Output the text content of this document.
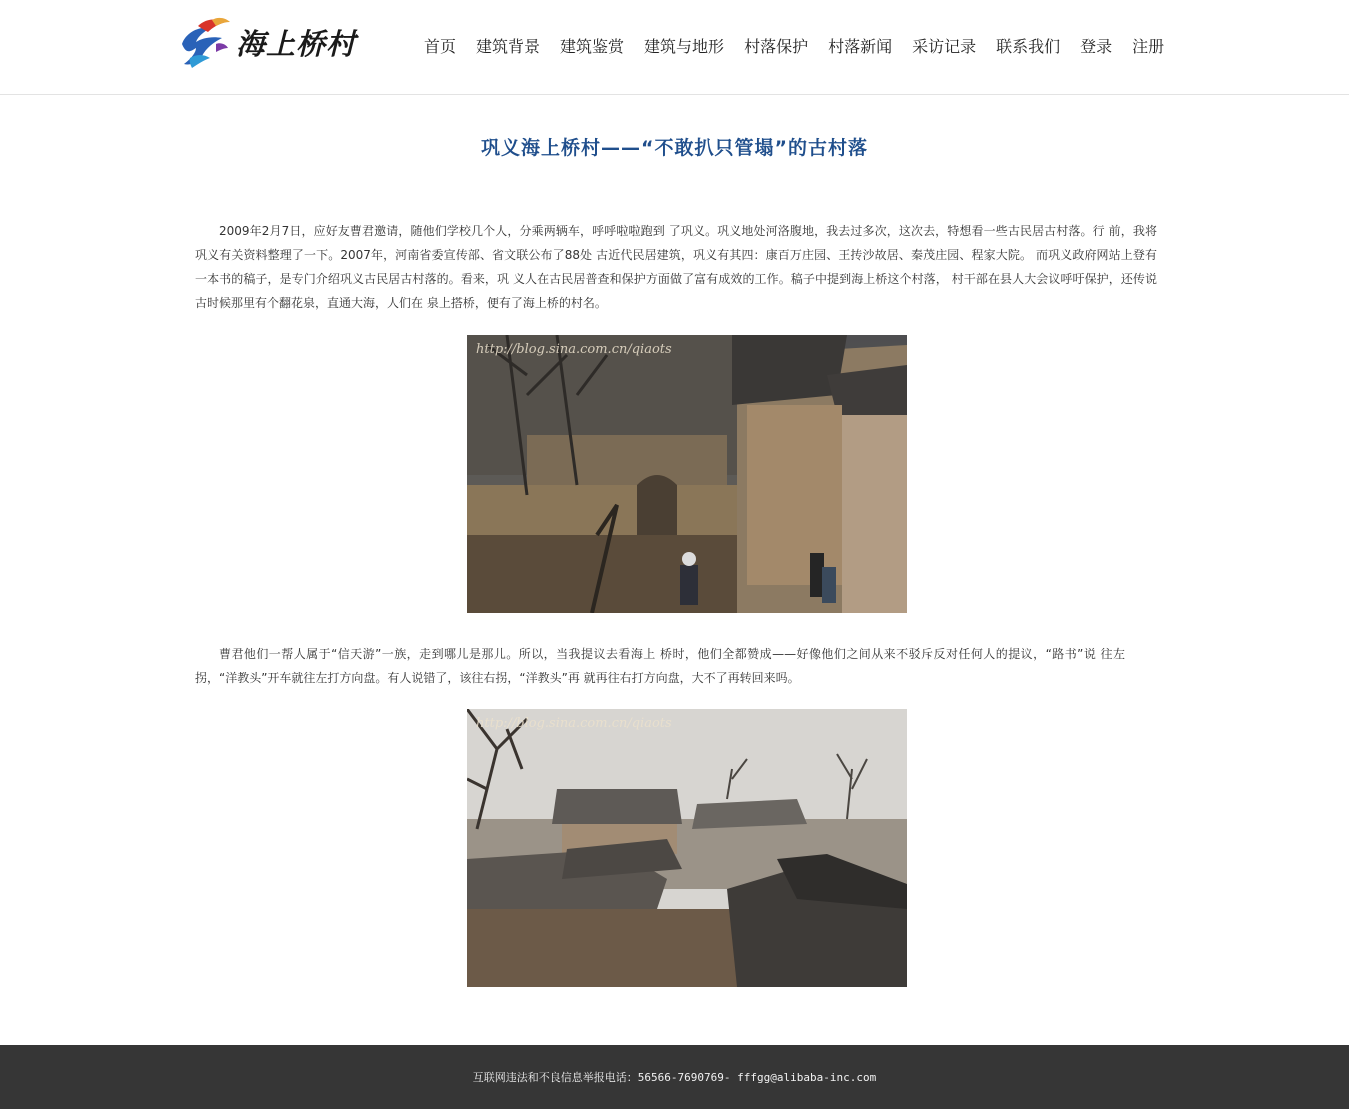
海上桥村	首页 建筑背景 建筑鉴赏 建筑与地形 村落保护 村落新闻 采访记录 联系我们 登录 注册
巩义海上桥村——“不敢扒只管塌”的古村落

2009年2月7日，应好友曹君邀请，随他们学校几个人，分乘两辆车，呼呼啦啦跑到 了巩义。巩义地处河洛腹地，我去过多次，这次去，特想看一些古民居古村落。行 前，我将巩义有关资料整理了一下。2007年，河南省委宣传部、省文联公布了88处 古近代民居建筑，巩义有其四：康百万庄园、王抟沙故居、秦茂庄园、程家大院。 而巩义政府网站上登有一本书的稿子，是专门介绍巩义古民居古村落的。看来，巩 义人在古民居普查和保护方面做了富有成效的工作。稿子中提到海上桥这个村落， 村干部在县人大会议呼吁保护，还传说古时候那里有个翻花泉，直通大海，人们在 泉上搭桥，便有了海上桥的村名。

http://blog.sina.com.cn/qiaots

曹君他们一帮人属于“信天游”一族，走到哪儿是那儿。所以，当我提议去看海上 桥时，他们全都赞成——好像他们之间从来不驳斥反对任何人的提议，“路书”说 往左拐，“洋教头”开车就往左打方向盘。有人说错了，该往右拐，“洋教头”再 就再往右打方向盘，大不了再转回来吗。

http://blog.sina.com.cn/qiaots
互联网违法和不良信息举报电话：56566-7690769- fffgg@alibaba-inc.com
